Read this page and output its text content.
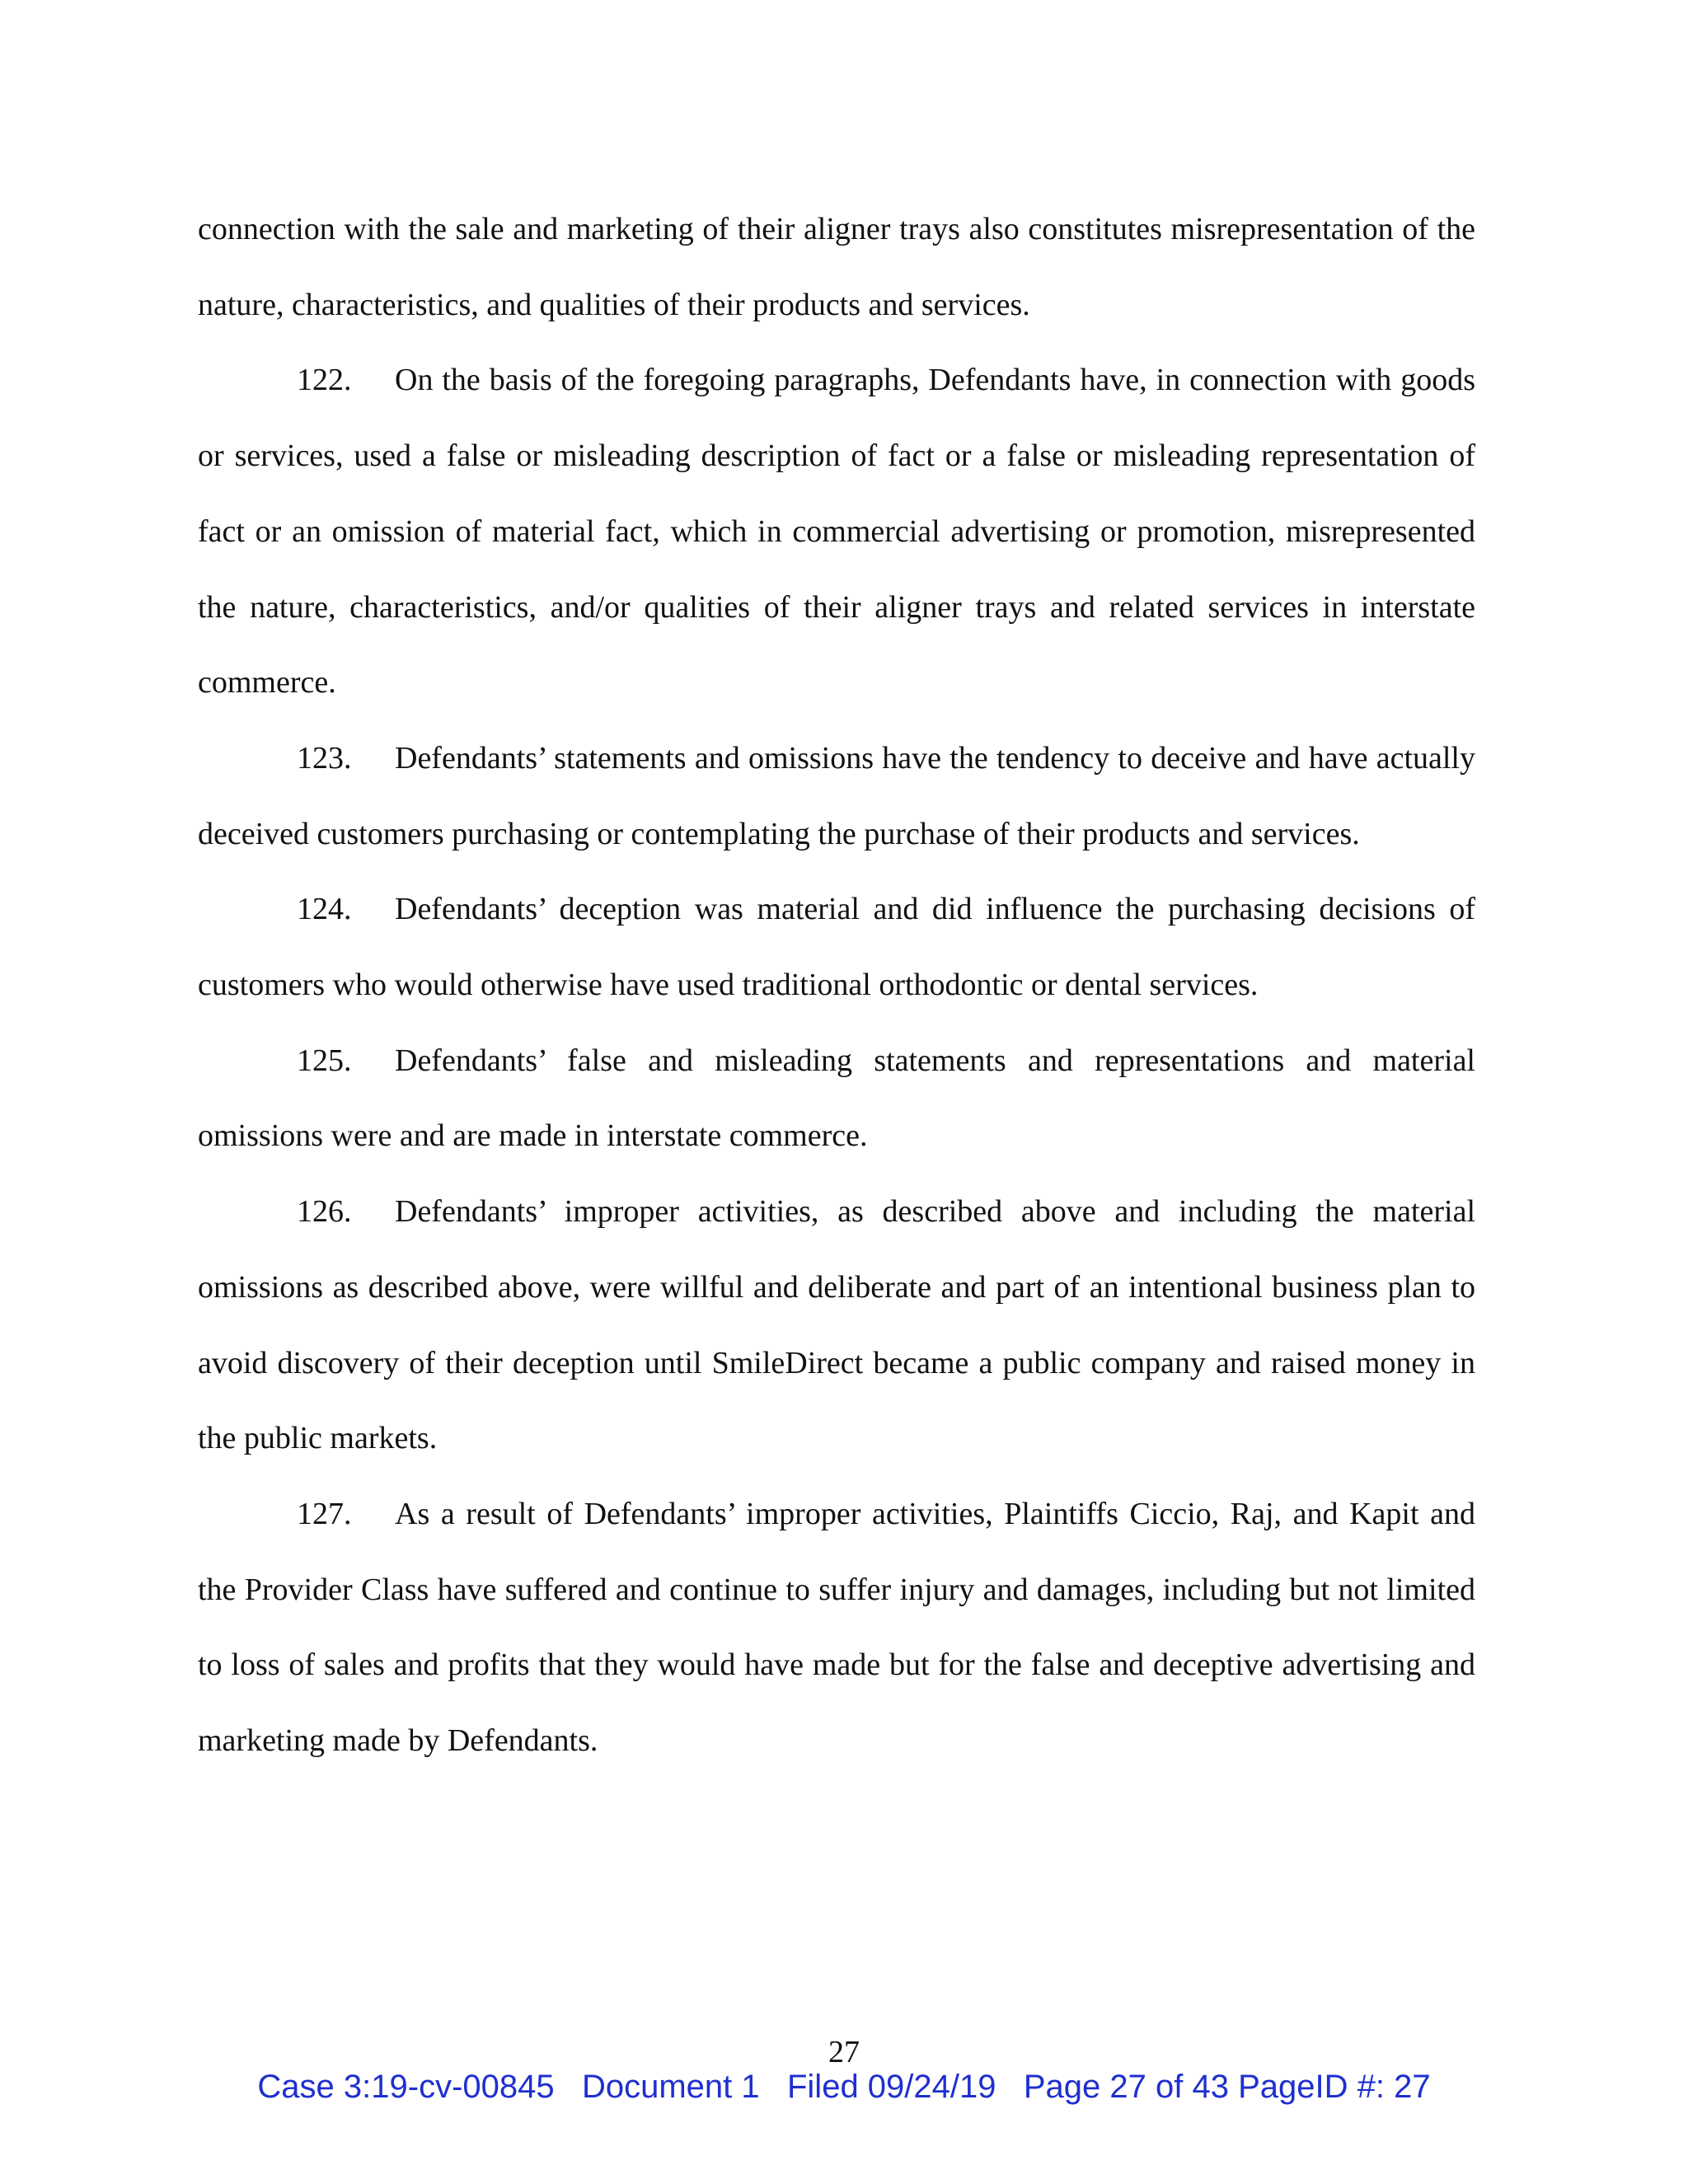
connection with the sale and marketing of their aligner trays also constitutes misrepresentation of the nature, characteristics, and qualities of their products and services.

122. On the basis of the foregoing paragraphs, Defendants have, in connection with goods or services, used a false or misleading description of fact or a false or misleading representation of fact or an omission of material fact, which in commercial advertising or promotion, misrepresented the nature, characteristics, and/or qualities of their aligner trays and related services in interstate commerce.

123. Defendants’ statements and omissions have the tendency to deceive and have actually deceived customers purchasing or contemplating the purchase of their products and services.

124. Defendants’ deception was material and did influence the purchasing decisions of customers who would otherwise have used traditional orthodontic or dental services.

125. Defendants’ false and misleading statements and representations and material omissions were and are made in interstate commerce.

126. Defendants’ improper activities, as described above and including the material omissions as described above, were willful and deliberate and part of an intentional business plan to avoid discovery of their deception until SmileDirect became a public company and raised money in the public markets.

127. As a result of Defendants’ improper activities, Plaintiffs Ciccio, Raj, and Kapit and the Provider Class have suffered and continue to suffer injury and damages, including but not limited to loss of sales and profits that they would have made but for the false and deceptive advertising and marketing made by Defendants.

27
Case 3:19-cv-00845 Document 1 Filed 09/24/19 Page 27 of 43 PageID #: 27
